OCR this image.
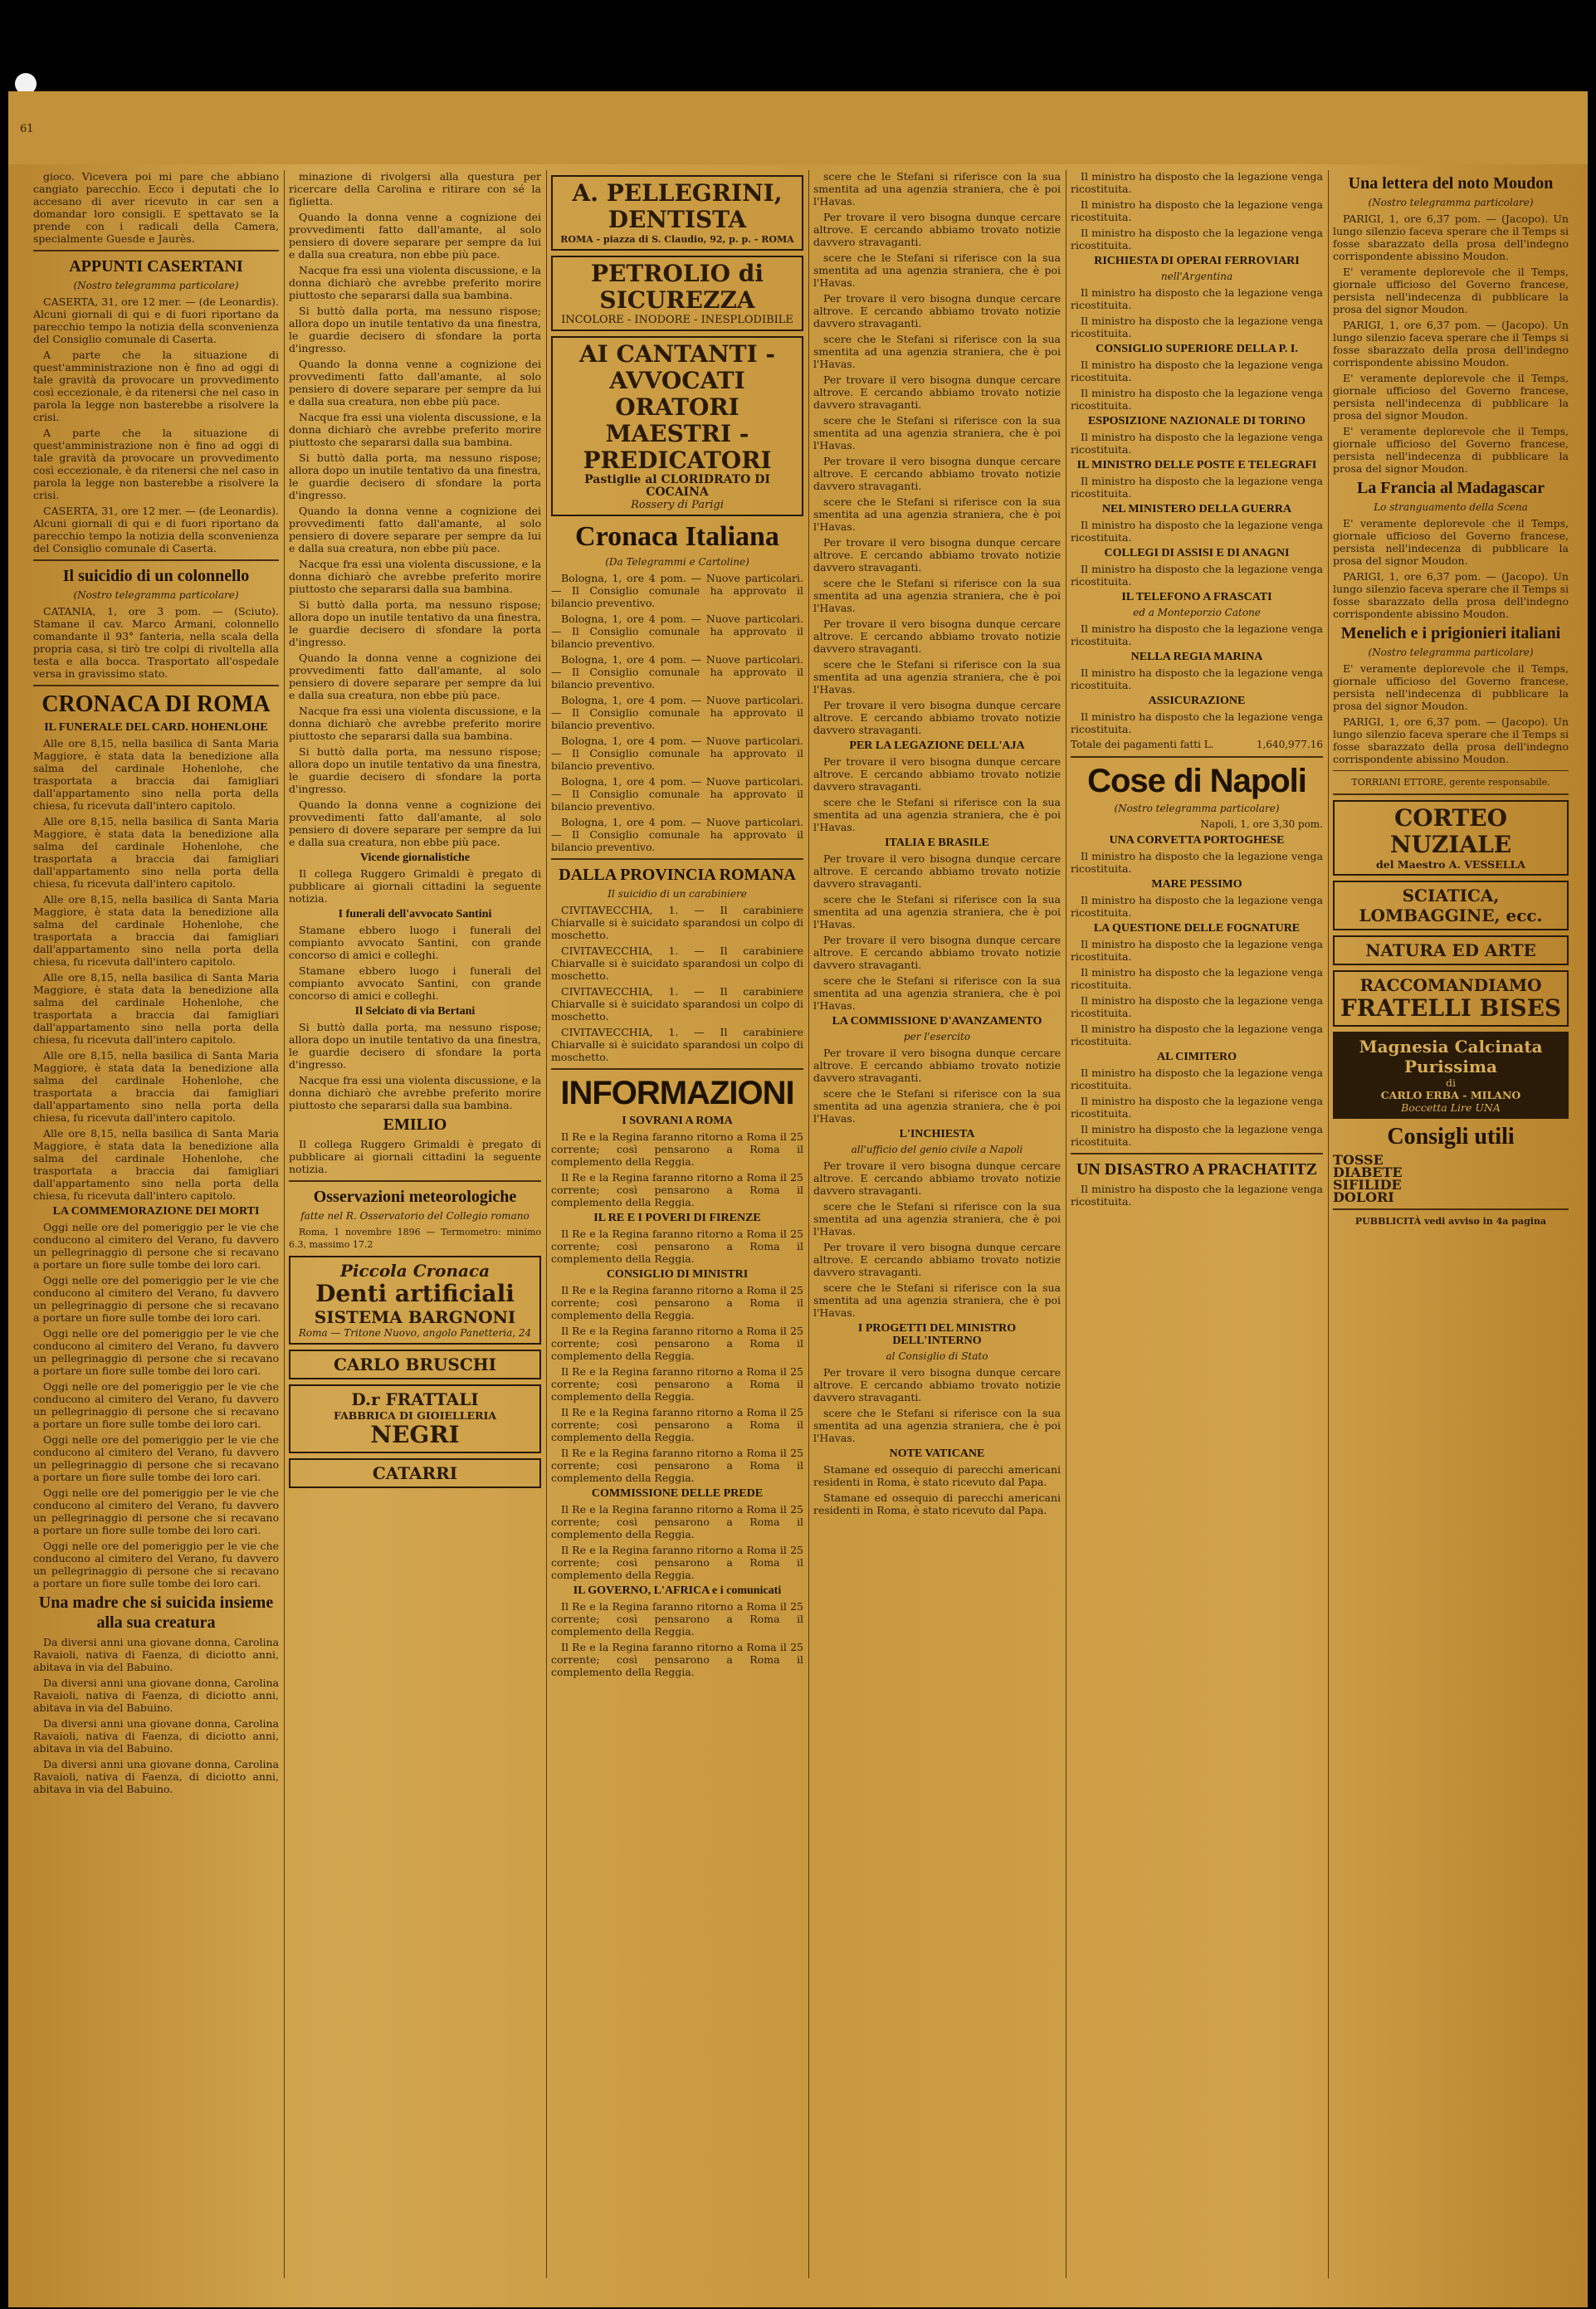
61

gioco. Vicevera poi mi pare che abbiano cangiato parecchio. Ecco i deputati che lo accesano di aver ricevuto in car sen a domandar loro consigli. E spettavato se la prende con i radicali della Camera, specialmente Guesde e Jaurès.

APPUNTI CASERTANI
(Nostro telegramma particolare)

CASERTA, 31, ore 12 mer. — (de Leonardis). Alcuni giornali di qui e di fuori riportano da parecchio tempo la notizia della sconvenienza del Consiglio comunale di Caserta.

A parte che la situazione di quest'amministrazione non è fino ad oggi di tale gravità da provocare un provvedimento così eccezionale, è da ritenersi che nel caso in parola la legge non basterebbe a risolvere la crisi.

A parte che la situazione di quest'amministrazione non è fino ad oggi di tale gravità da provocare un provvedimento così eccezionale, è da ritenersi che nel caso in parola la legge non basterebbe a risolvere la crisi.

CASERTA, 31, ore 12 mer. — (de Leonardis). Alcuni giornali di qui e di fuori riportano da parecchio tempo la notizia della sconvenienza del Consiglio comunale di Caserta.

Il suicidio di un colonnello
(Nostro telegramma particolare)

CATANIA, 1, ore 3 pom. — (Sciuto). Stamane il cav. Marco Armani, colonnello comandante il 93° fanteria, nella scala della propria casa, si tirò tre colpi di rivoltella alla testa e alla bocca. Trasportato all'ospedale versa in gravissimo stato.

CRONACA DI ROMA
IL FUNERALE DEL CARD. HOHENLOHE

Alle ore 8,15, nella basilica di Santa Maria Maggiore, è stata data la benedizione alla salma del cardinale Hohenlohe, che trasportata a braccia dai famigliari dall'appartamento sino nella porta della chiesa, fu ricevuta dall'intero capitolo.

Alle ore 8,15, nella basilica di Santa Maria Maggiore, è stata data la benedizione alla salma del cardinale Hohenlohe, che trasportata a braccia dai famigliari dall'appartamento sino nella porta della chiesa, fu ricevuta dall'intero capitolo.

Alle ore 8,15, nella basilica di Santa Maria Maggiore, è stata data la benedizione alla salma del cardinale Hohenlohe, che trasportata a braccia dai famigliari dall'appartamento sino nella porta della chiesa, fu ricevuta dall'intero capitolo.

Alle ore 8,15, nella basilica di Santa Maria Maggiore, è stata data la benedizione alla salma del cardinale Hohenlohe, che trasportata a braccia dai famigliari dall'appartamento sino nella porta della chiesa, fu ricevuta dall'intero capitolo.

Alle ore 8,15, nella basilica di Santa Maria Maggiore, è stata data la benedizione alla salma del cardinale Hohenlohe, che trasportata a braccia dai famigliari dall'appartamento sino nella porta della chiesa, fu ricevuta dall'intero capitolo.

Alle ore 8,15, nella basilica di Santa Maria Maggiore, è stata data la benedizione alla salma del cardinale Hohenlohe, che trasportata a braccia dai famigliari dall'appartamento sino nella porta della chiesa, fu ricevuta dall'intero capitolo.

LA COMMEMORAZIONE DEI MORTI

Oggi nelle ore del pomeriggio per le vie che conducono al cimitero del Verano, fu davvero un pellegrinaggio di persone che si recavano a portare un fiore sulle tombe dei loro cari.

Oggi nelle ore del pomeriggio per le vie che conducono al cimitero del Verano, fu davvero un pellegrinaggio di persone che si recavano a portare un fiore sulle tombe dei loro cari.

Oggi nelle ore del pomeriggio per le vie che conducono al cimitero del Verano, fu davvero un pellegrinaggio di persone che si recavano a portare un fiore sulle tombe dei loro cari.

Oggi nelle ore del pomeriggio per le vie che conducono al cimitero del Verano, fu davvero un pellegrinaggio di persone che si recavano a portare un fiore sulle tombe dei loro cari.

Oggi nelle ore del pomeriggio per le vie che conducono al cimitero del Verano, fu davvero un pellegrinaggio di persone che si recavano a portare un fiore sulle tombe dei loro cari.

Oggi nelle ore del pomeriggio per le vie che conducono al cimitero del Verano, fu davvero un pellegrinaggio di persone che si recavano a portare un fiore sulle tombe dei loro cari.

Oggi nelle ore del pomeriggio per le vie che conducono al cimitero del Verano, fu davvero un pellegrinaggio di persone che si recavano a portare un fiore sulle tombe dei loro cari.

Una madre che si suicida insieme alla sua creatura

Da diversi anni una giovane donna, Carolina Ravaioli, nativa di Faenza, di diciotto anni, abitava in via del Babuino.

Da diversi anni una giovane donna, Carolina Ravaioli, nativa di Faenza, di diciotto anni, abitava in via del Babuino.

Da diversi anni una giovane donna, Carolina Ravaioli, nativa di Faenza, di diciotto anni, abitava in via del Babuino.

Da diversi anni una giovane donna, Carolina Ravaioli, nativa di Faenza, di diciotto anni, abitava in via del Babuino.

minazione di rivolgersi alla questura per ricercare della Carolina e ritirare con sé la figlietta.

Quando la donna venne a cognizione dei provvedimenti fatto dall'amante, al solo pensiero di dovere separare per sempre da lui e dalla sua creatura, non ebbe più pace.

Nacque fra essi una violenta discussione, e la donna dichiarò che avrebbe preferito morire piuttosto che separarsi dalla sua bambina.

Si buttò dalla porta, ma nessuno rispose; allora dopo un inutile tentativo da una finestra, le guardie decisero di sfondare la porta d'ingresso.

Quando la donna venne a cognizione dei provvedimenti fatto dall'amante, al solo pensiero di dovere separare per sempre da lui e dalla sua creatura, non ebbe più pace.

Nacque fra essi una violenta discussione, e la donna dichiarò che avrebbe preferito morire piuttosto che separarsi dalla sua bambina.

Si buttò dalla porta, ma nessuno rispose; allora dopo un inutile tentativo da una finestra, le guardie decisero di sfondare la porta d'ingresso.

Quando la donna venne a cognizione dei provvedimenti fatto dall'amante, al solo pensiero di dovere separare per sempre da lui e dalla sua creatura, non ebbe più pace.

Nacque fra essi una violenta discussione, e la donna dichiarò che avrebbe preferito morire piuttosto che separarsi dalla sua bambina.

Si buttò dalla porta, ma nessuno rispose; allora dopo un inutile tentativo da una finestra, le guardie decisero di sfondare la porta d'ingresso.

Quando la donna venne a cognizione dei provvedimenti fatto dall'amante, al solo pensiero di dovere separare per sempre da lui e dalla sua creatura, non ebbe più pace.

Nacque fra essi una violenta discussione, e la donna dichiarò che avrebbe preferito morire piuttosto che separarsi dalla sua bambina.

Si buttò dalla porta, ma nessuno rispose; allora dopo un inutile tentativo da una finestra, le guardie decisero di sfondare la porta d'ingresso.

Quando la donna venne a cognizione dei provvedimenti fatto dall'amante, al solo pensiero di dovere separare per sempre da lui e dalla sua creatura, non ebbe più pace.

Vicende giornalistiche

Il collega Ruggero Grimaldi è pregato di pubblicare ai giornali cittadini la seguente notizia.

I funerali dell'avvocato Santini

Stamane ebbero luogo i funerali del compianto avvocato Santini, con grande concorso di amici e colleghi.

Stamane ebbero luogo i funerali del compianto avvocato Santini, con grande concorso di amici e colleghi.

Il Selciato di via Bertani

Si buttò dalla porta, ma nessuno rispose; allora dopo un inutile tentativo da una finestra, le guardie decisero di sfondare la porta d'ingresso.

Nacque fra essi una violenta discussione, e la donna dichiarò che avrebbe preferito morire piuttosto che separarsi dalla sua bambina.

EMILIO

Il collega Ruggero Grimaldi è pregato di pubblicare ai giornali cittadini la seguente notizia.

Osservazioni meteorologiche
fatte nel R. Osservatorio del Collegio romano

Roma, 1 novembre 1896 — Termometro: minimo 6.3, massimo 17.2

Piccola Cronaca
Denti artificiali
SISTEMA BARGNONI
Roma — Tritone Nuovo, angolo Panetteria, 24
CARLO BRUSCHI
D.r FRATTALI
FABBRICA DI GIOIELLERIA
NEGRI
CATARRI
A. PELLEGRINI, DENTISTA
ROMA - piazza di S. Claudio, 92, p. p. - ROMA
PETROLIO di SICUREZZA
INCOLORE - INODORE - INESPLODIBILE
AI CANTANTI - AVVOCATI
ORATORI
MAESTRI - PREDICATORI
Pastiglie al CLORIDRATO DI COCAINA
Rossery di Parigi
Cronaca Italiana
(Da Telegrammi e Cartoline)

Bologna, 1, ore 4 pom. — Nuove particolari. — Il Consiglio comunale ha approvato il bilancio preventivo.

Bologna, 1, ore 4 pom. — Nuove particolari. — Il Consiglio comunale ha approvato il bilancio preventivo.

Bologna, 1, ore 4 pom. — Nuove particolari. — Il Consiglio comunale ha approvato il bilancio preventivo.

Bologna, 1, ore 4 pom. — Nuove particolari. — Il Consiglio comunale ha approvato il bilancio preventivo.

Bologna, 1, ore 4 pom. — Nuove particolari. — Il Consiglio comunale ha approvato il bilancio preventivo.

Bologna, 1, ore 4 pom. — Nuove particolari. — Il Consiglio comunale ha approvato il bilancio preventivo.

Bologna, 1, ore 4 pom. — Nuove particolari. — Il Consiglio comunale ha approvato il bilancio preventivo.

DALLA PROVINCIA ROMANA
Il suicidio di un carabiniere

CIVITAVECCHIA, 1. — Il carabiniere Chiarvalle si è suicidato sparandosi un colpo di moschetto.

CIVITAVECCHIA, 1. — Il carabiniere Chiarvalle si è suicidato sparandosi un colpo di moschetto.

CIVITAVECCHIA, 1. — Il carabiniere Chiarvalle si è suicidato sparandosi un colpo di moschetto.

CIVITAVECCHIA, 1. — Il carabiniere Chiarvalle si è suicidato sparandosi un colpo di moschetto.

INFORMAZIONI
I SOVRANI A ROMA

Il Re e la Regina faranno ritorno a Roma il 25 corrente; così pensarono a Roma il complemento della Reggia.

Il Re e la Regina faranno ritorno a Roma il 25 corrente; così pensarono a Roma il complemento della Reggia.

IL RE E I POVERI DI FIRENZE

Il Re e la Regina faranno ritorno a Roma il 25 corrente; così pensarono a Roma il complemento della Reggia.

CONSIGLIO DI MINISTRI

Il Re e la Regina faranno ritorno a Roma il 25 corrente; così pensarono a Roma il complemento della Reggia.

Il Re e la Regina faranno ritorno a Roma il 25 corrente; così pensarono a Roma il complemento della Reggia.

Il Re e la Regina faranno ritorno a Roma il 25 corrente; così pensarono a Roma il complemento della Reggia.

Il Re e la Regina faranno ritorno a Roma il 25 corrente; così pensarono a Roma il complemento della Reggia.

Il Re e la Regina faranno ritorno a Roma il 25 corrente; così pensarono a Roma il complemento della Reggia.

COMMISSIONE DELLE PREDE

Il Re e la Regina faranno ritorno a Roma il 25 corrente; così pensarono a Roma il complemento della Reggia.

Il Re e la Regina faranno ritorno a Roma il 25 corrente; così pensarono a Roma il complemento della Reggia.

IL GOVERNO, L'AFRICA e i comunicati

Il Re e la Regina faranno ritorno a Roma il 25 corrente; così pensarono a Roma il complemento della Reggia.

Il Re e la Regina faranno ritorno a Roma il 25 corrente; così pensarono a Roma il complemento della Reggia.

scere che le Stefani si riferisce con la sua smentita ad una agenzia straniera, che è poi l'Havas.

Per trovare il vero bisogna dunque cercare altrove. E cercando abbiamo trovato notizie davvero stravaganti.

scere che le Stefani si riferisce con la sua smentita ad una agenzia straniera, che è poi l'Havas.

Per trovare il vero bisogna dunque cercare altrove. E cercando abbiamo trovato notizie davvero stravaganti.

scere che le Stefani si riferisce con la sua smentita ad una agenzia straniera, che è poi l'Havas.

Per trovare il vero bisogna dunque cercare altrove. E cercando abbiamo trovato notizie davvero stravaganti.

scere che le Stefani si riferisce con la sua smentita ad una agenzia straniera, che è poi l'Havas.

Per trovare il vero bisogna dunque cercare altrove. E cercando abbiamo trovato notizie davvero stravaganti.

scere che le Stefani si riferisce con la sua smentita ad una agenzia straniera, che è poi l'Havas.

Per trovare il vero bisogna dunque cercare altrove. E cercando abbiamo trovato notizie davvero stravaganti.

scere che le Stefani si riferisce con la sua smentita ad una agenzia straniera, che è poi l'Havas.

Per trovare il vero bisogna dunque cercare altrove. E cercando abbiamo trovato notizie davvero stravaganti.

scere che le Stefani si riferisce con la sua smentita ad una agenzia straniera, che è poi l'Havas.

Per trovare il vero bisogna dunque cercare altrove. E cercando abbiamo trovato notizie davvero stravaganti.

PER LA LEGAZIONE DELL'AJA

Per trovare il vero bisogna dunque cercare altrove. E cercando abbiamo trovato notizie davvero stravaganti.

scere che le Stefani si riferisce con la sua smentita ad una agenzia straniera, che è poi l'Havas.

ITALIA E BRASILE

Per trovare il vero bisogna dunque cercare altrove. E cercando abbiamo trovato notizie davvero stravaganti.

scere che le Stefani si riferisce con la sua smentita ad una agenzia straniera, che è poi l'Havas.

Per trovare il vero bisogna dunque cercare altrove. E cercando abbiamo trovato notizie davvero stravaganti.

scere che le Stefani si riferisce con la sua smentita ad una agenzia straniera, che è poi l'Havas.

LA COMMISSIONE D'AVANZAMENTO
per l'esercito

Per trovare il vero bisogna dunque cercare altrove. E cercando abbiamo trovato notizie davvero stravaganti.

scere che le Stefani si riferisce con la sua smentita ad una agenzia straniera, che è poi l'Havas.

L'INCHIESTA
all'ufficio del genio civile a Napoli

Per trovare il vero bisogna dunque cercare altrove. E cercando abbiamo trovato notizie davvero stravaganti.

scere che le Stefani si riferisce con la sua smentita ad una agenzia straniera, che è poi l'Havas.

Per trovare il vero bisogna dunque cercare altrove. E cercando abbiamo trovato notizie davvero stravaganti.

scere che le Stefani si riferisce con la sua smentita ad una agenzia straniera, che è poi l'Havas.

I PROGETTI DEL MINISTRO DELL'INTERNO
al Consiglio di Stato

Per trovare il vero bisogna dunque cercare altrove. E cercando abbiamo trovato notizie davvero stravaganti.

scere che le Stefani si riferisce con la sua smentita ad una agenzia straniera, che è poi l'Havas.

NOTE VATICANE

Stamane ed ossequio di parecchi americani residenti in Roma, è stato ricevuto dal Papa.

Stamane ed ossequio di parecchi americani residenti in Roma, è stato ricevuto dal Papa.

Il ministro ha disposto che la legazione venga ricostituita.

Il ministro ha disposto che la legazione venga ricostituita.

Il ministro ha disposto che la legazione venga ricostituita.

RICHIESTA DI OPERAI FERROVIARI
nell'Argentina

Il ministro ha disposto che la legazione venga ricostituita.

Il ministro ha disposto che la legazione venga ricostituita.

CONSIGLIO SUPERIORE DELLA P. I.

Il ministro ha disposto che la legazione venga ricostituita.

Il ministro ha disposto che la legazione venga ricostituita.

ESPOSIZIONE NAZIONALE DI TORINO

Il ministro ha disposto che la legazione venga ricostituita.

IL MINISTRO DELLE POSTE E TELEGRAFI

Il ministro ha disposto che la legazione venga ricostituita.

NEL MINISTERO DELLA GUERRA

Il ministro ha disposto che la legazione venga ricostituita.

COLLEGI DI ASSISI E DI ANAGNI

Il ministro ha disposto che la legazione venga ricostituita.

IL TELEFONO A FRASCATI
ed a Monteporzio Catone

Il ministro ha disposto che la legazione venga ricostituita.

NELLA REGIA MARINA

Il ministro ha disposto che la legazione venga ricostituita.

ASSICURAZIONE

Il ministro ha disposto che la legazione venga ricostituita.

Totale dei pagamenti fatti L.	1,640,977.16
Cose di Napoli
(Nostro telegramma particolare)
Napoli, 1, ore 3,30 pom.
UNA CORVETTA PORTOGHESE

Il ministro ha disposto che la legazione venga ricostituita.

MARE PESSIMO

Il ministro ha disposto che la legazione venga ricostituita.

LA QUESTIONE DELLE FOGNATURE

Il ministro ha disposto che la legazione venga ricostituita.

Il ministro ha disposto che la legazione venga ricostituita.

Il ministro ha disposto che la legazione venga ricostituita.

Il ministro ha disposto che la legazione venga ricostituita.

AL CIMITERO

Il ministro ha disposto che la legazione venga ricostituita.

Il ministro ha disposto che la legazione venga ricostituita.

Il ministro ha disposto che la legazione venga ricostituita.

UN DISASTRO A PRACHATITZ

Il ministro ha disposto che la legazione venga ricostituita.

Una lettera del noto Moudon
(Nostro telegramma particolare)

PARIGI, 1, ore 6,37 pom. — (Jacopo). Un lungo silenzio faceva sperare che il Temps si fosse sbarazzato della prosa dell'indegno corrispondente abissino Moudon.

E' veramente deplorevole che il Temps, giornale ufficioso del Governo francese, persista nell'indecenza di pubblicare la prosa del signor Moudon.

PARIGI, 1, ore 6,37 pom. — (Jacopo). Un lungo silenzio faceva sperare che il Temps si fosse sbarazzato della prosa dell'indegno corrispondente abissino Moudon.

E' veramente deplorevole che il Temps, giornale ufficioso del Governo francese, persista nell'indecenza di pubblicare la prosa del signor Moudon.

E' veramente deplorevole che il Temps, giornale ufficioso del Governo francese, persista nell'indecenza di pubblicare la prosa del signor Moudon.

La Francia al Madagascar
Lo stranguamento della Scena

E' veramente deplorevole che il Temps, giornale ufficioso del Governo francese, persista nell'indecenza di pubblicare la prosa del signor Moudon.

PARIGI, 1, ore 6,37 pom. — (Jacopo). Un lungo silenzio faceva sperare che il Temps si fosse sbarazzato della prosa dell'indegno corrispondente abissino Moudon.

Menelich e i prigionieri italiani
(Nostro telegramma particolare)

E' veramente deplorevole che il Temps, giornale ufficioso del Governo francese, persista nell'indecenza di pubblicare la prosa del signor Moudon.

PARIGI, 1, ore 6,37 pom. — (Jacopo). Un lungo silenzio faceva sperare che il Temps si fosse sbarazzato della prosa dell'indegno corrispondente abissino Moudon.

TORRIANI ETTORE, gerente responsabile.
CORTEO NUZIALE
del Maestro A. VESSELLA
SCIATICA, LOMBAGGINE, ecc.
NATURA ED ARTE
RACCOMANDIAMO
FRATELLI BISES
Magnesia Calcinata Purissima
di
CARLO ERBA - MILANO
Boccetta Lire UNA
Consigli utili
TOSSE
DIABETE
SIFILIDE
DOLORI
PUBBLICITÀ vedi avviso in 4a pagina
